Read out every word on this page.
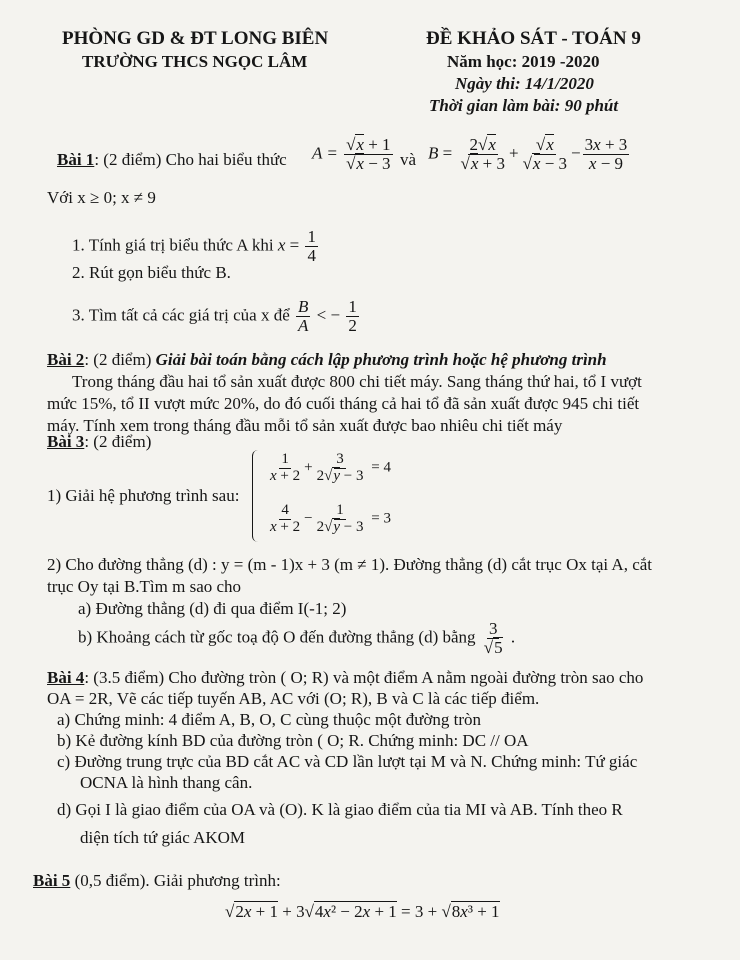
PHÒNG GD & ĐT LONG BIÊN
TRƯỜNG THCS NGỌC LÂM
ĐỀ KHẢO SÁT - TOÁN 9
Năm học: 2019 -2020
Ngày thi: 14/1/2020
Thời gian làm bài: 90 phút
Bài 1: (2 điểm) Cho hai biểu thức $A = \frac{√x + 1}{√x - 3}$ và $B = \frac{2√x}{√x + 3} + \frac{√x}{√x - 3} - \frac{3x + 3}{x - 9}$
Với x ≥ 0; x ≠ 9
1. Tính giá trị biểu thức A khi $x = \frac{1}{4}$
2. Rút gọn biểu thức B.
3. Tìm tất cả các giá trị của x để $\frac{B}{A}$ < − $\frac{1}{2}$
Bài 2: (2 điểm) Giải bài toán bằng cách lập phương trình hoặc hệ phương trình
Trong tháng đầu hai tổ sản xuất được 800 chi tiết máy. Sang tháng thứ hai, tổ I vượt
mức 15%, tổ II vượt mức 20%, do đó cuối tháng cả hai tổ đã sản xuất được 945 chi tiết
máy. Tính xem trong tháng đầu mỗi tổ sản xuất được bao nhiêu chi tiết máy
Bài 3: (2 điểm)
1) Giải hệ phương trình sau:
$\frac{1}{x + 2} + \frac{3}{2√y - 3} = 4$
$\frac{4}{x + 2} - \frac{1}{2√y - 3} = 3$
2) Cho đường thẳng (d) : y = (m - 1)x + 3 (m ≠ 1). Đường thẳng (d) cắt trục Ox tại A, cắt
trục Oy tại B.Tìm m sao cho
a) Đường thẳng (d) đi qua điểm I(-1; 2)
b) Khoảng cách từ gốc toạ độ O đến đường thẳng (d) bằng $\frac{3}{√5}$ .
Bài 4: (3.5 điểm) Cho đường tròn ( O; R) và một điểm A nằm ngoài đường tròn sao cho
OA = 2R, Vẽ các tiếp tuyến AB, AC với (O; R), B và C là các tiếp điểm.
a) Chứng minh: 4 điểm A, B, O, C cùng thuộc một đường tròn
b) Kẻ đường kính BD của đường tròn ( O; R. Chứng minh: DC // OA
c) Đường trung trực của BD cắt AC và CD lần lượt tại M và N. Chứng minh: Tứ giác
OCNA là hình thang cân.
d) Gọi I là giao điểm của OA và (O). K là giao điểm của tia MI và AB. Tính theo R
diện tích tứ giác AKOM
Bài 5 (0,5 điểm). Giải phương trình:
√2x + 1 + 3√4x² − 2x + 1 = 3 + √8x³ + 1
